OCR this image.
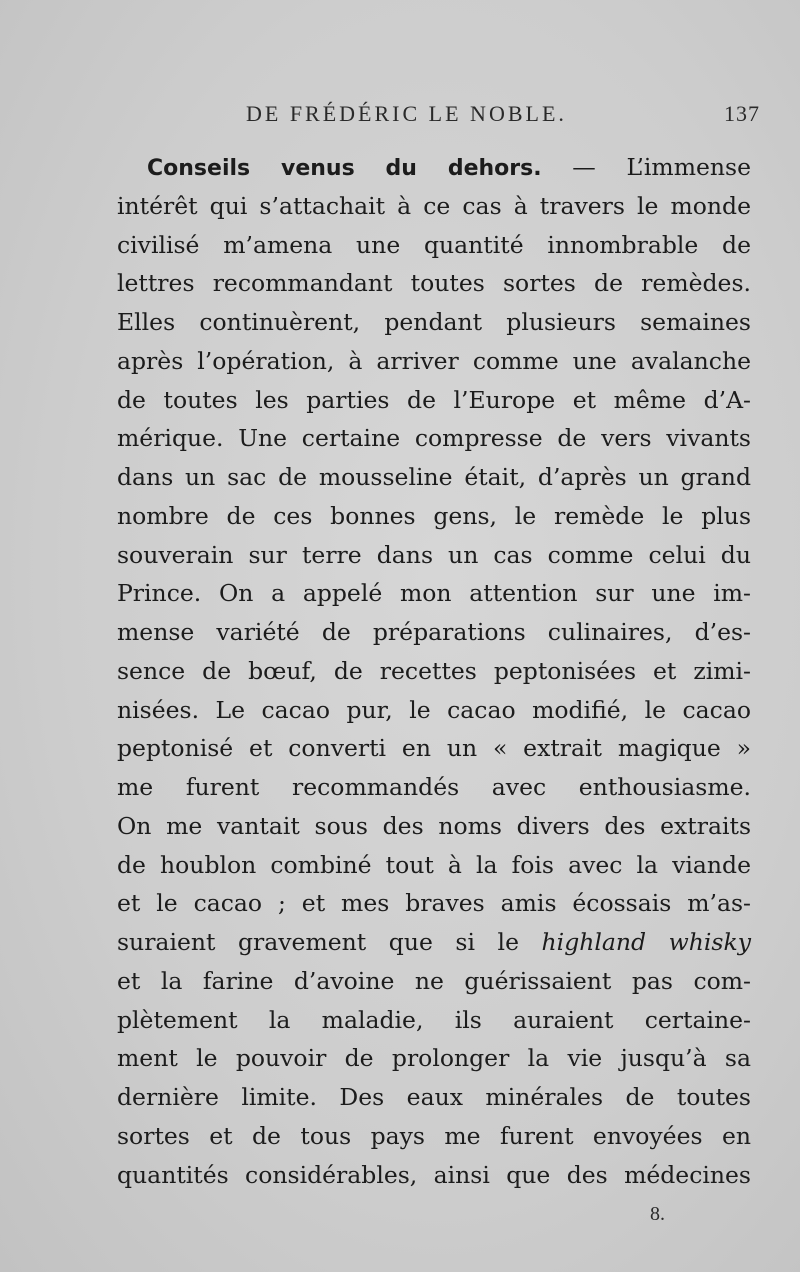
DE FRÉDÉRIC LE NOBLE.	137
Conseils venus du dehors. — L’immense
intérêt qui s’attachait à ce cas à travers le monde
civilisé m’amena une quantité innombrable de
lettres recommandant toutes sortes de remèdes.
Elles continuèrent, pendant plusieurs semaines
après l’opération, à arriver comme une avalanche
de toutes les parties de l’Europe et même d’A-
mérique. Une certaine compresse de vers vivants
dans un sac de mousseline était, d’après un grand
nombre de ces bonnes gens, le remède le plus
souverain sur terre dans un cas comme celui du
Prince. On a appelé mon attention sur une im-
mense variété de préparations culinaires, d’es-
sence de bœuf, de recettes peptonisées et zimi-
nisées. Le cacao pur, le cacao modifié, le cacao
peptonisé et converti en un « extrait magique »
me furent recommandés avec enthousiasme.
On me vantait sous des noms divers des extraits
de houblon combiné tout à la fois avec la viande
et le cacao ; et mes braves amis écossais m’as-
suraient gravement que si le highland whisky
et la farine d’avoine ne guérissaient pas com-
plètement la maladie, ils auraient certaine-
ment le pouvoir de prolonger la vie jusqu’à sa
dernière limite. Des eaux minérales de toutes
sortes et de tous pays me furent envoyées en
quantités considérables, ainsi que des médecines
8.
